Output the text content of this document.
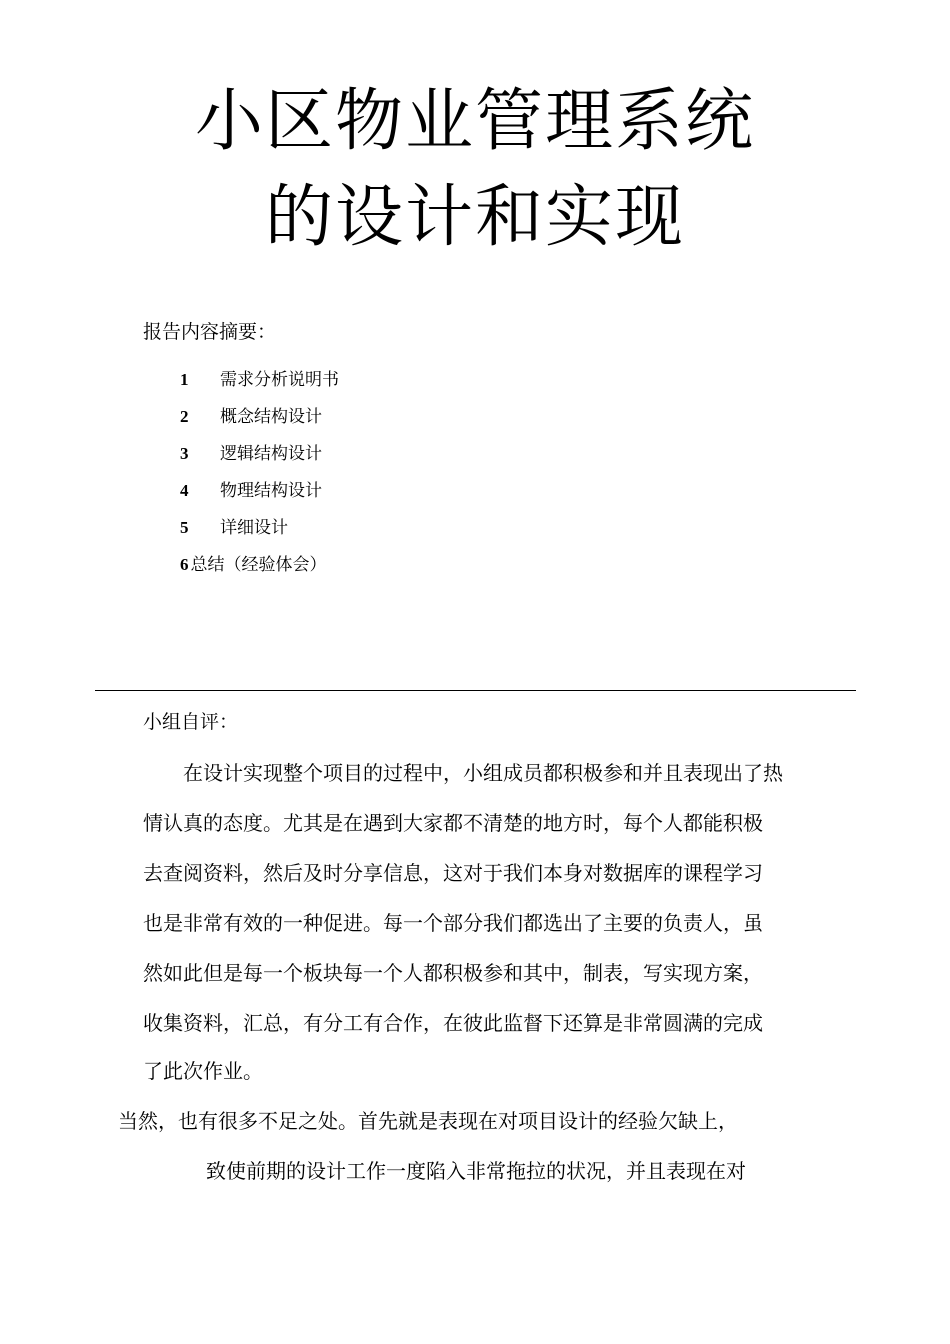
小区物业管理系统
的设计和实现
报告内容摘要：
1 需求分析说明书
2 概念结构设计
3 逻辑结构设计
4 物理结构设计
5 详细设计
6 总结（经验体会）
小组自评：
在设计实现整个项目的过程中，小组成员都积极参和并且表现出了热
情认真的态度。尤其是在遇到大家都不清楚的地方时，每个人都能积极
去查阅资料，然后及时分享信息，这对于我们本身对数据库的课程学习
也是非常有效的一种促进。每一个部分我们都选出了主要的负责人，虽
然如此但是每一个板块每一个人都积极参和其中，制表，写实现方案，
收集资料，汇总，有分工有合作，在彼此监督下还算是非常圆满的完成
了此次作业。
当然，也有很多不足之处。首先就是表现在对项目设计的经验欠缺上，
致使前期的设计工作一度陷入非常拖拉的状况，并且表现在对
